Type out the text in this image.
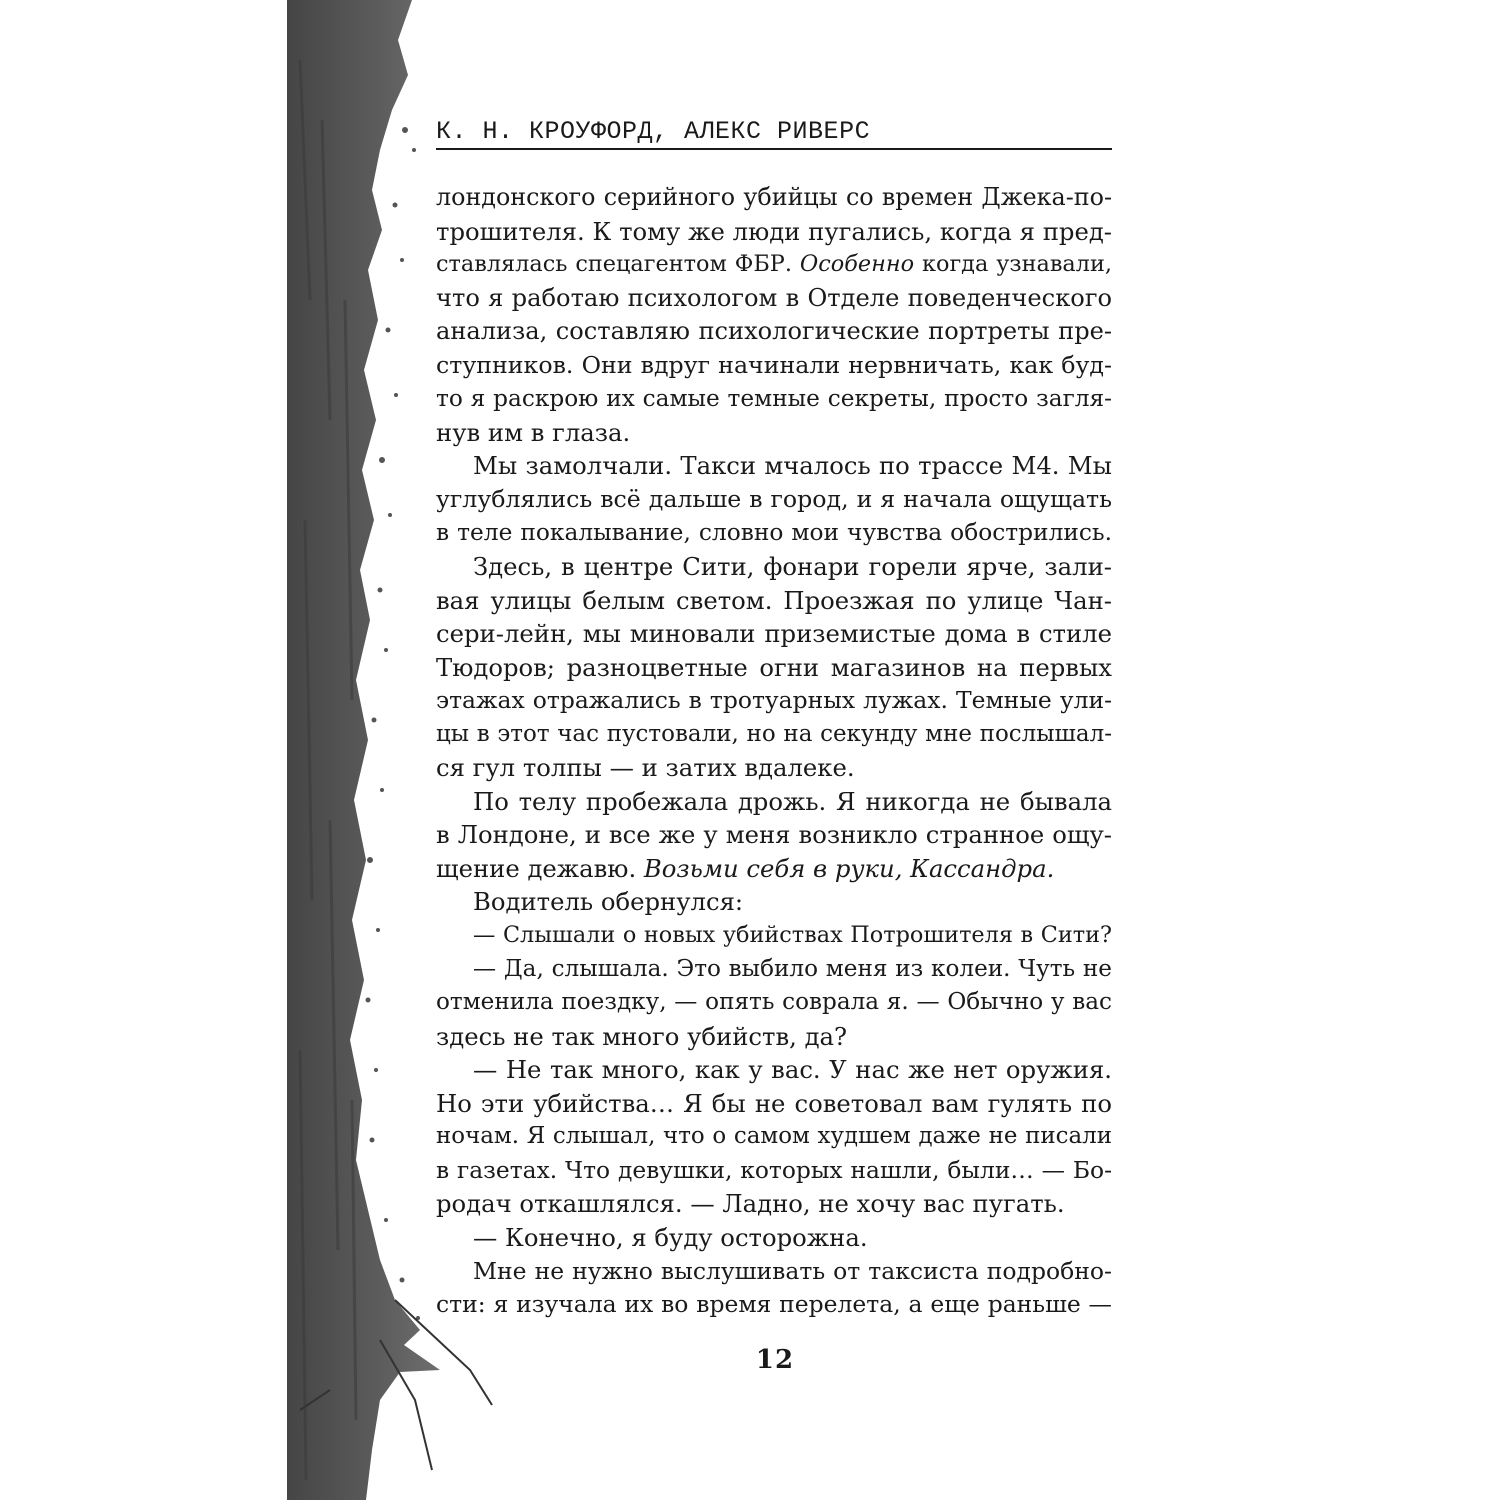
К. Н. КРОУФОРД, АЛЕКС РИВЕРС
лондонского серийного убийцы со времен Джека-по-
трошителя. К тому же люди пугались, когда я пред-
ставлялась спецагентом ФБР. Особенно когда узнавали,
что я работаю психологом в Отделе поведенческого
анализа, составляю психологические портреты пре-
ступников. Они вдруг начинали нервничать, как буд-
то я раскрою их самые темные секреты, просто загля-
нув им в глаза.
Мы замолчали. Такси мчалось по трассе М4. Мы
углублялись всё дальше в город, и я начала ощущать
в теле покалывание, словно мои чувства обострились.
Здесь, в центре Сити, фонари горели ярче, зали-
вая улицы белым светом. Проезжая по улице Чан-
сери-лейн, мы миновали приземистые дома в стиле
Тюдоров; разноцветные огни магазинов на первых
этажах отражались в тротуарных лужах. Темные ули-
цы в этот час пустовали, но на секунду мне послышал-
ся гул толпы — и затих вдалеке.
По телу пробежала дрожь. Я никогда не бывала
в Лондоне, и все же у меня возникло странное ощу-
щение дежавю. Возьми себя в руки, Кассандра.
Водитель обернулся:
— Слышали о новых убийствах Потрошителя в Сити?
— Да, слышала. Это выбило меня из колеи. Чуть не
отменила поездку, — опять соврала я. — Обычно у вас
здесь не так много убийств, да?
— Не так много, как у вас. У нас же нет оружия.
Но эти убийства… Я бы не советовал вам гулять по
ночам. Я слышал, что о самом худшем даже не писали
в газетах. Что девушки, которых нашли, были… — Бо-
родач откашлялся. — Ладно, не хочу вас пугать.
— Конечно, я буду осторожна.
Мне не нужно выслушивать от таксиста подробно-
сти: я изучала их во время перелета, а еще раньше —
12
